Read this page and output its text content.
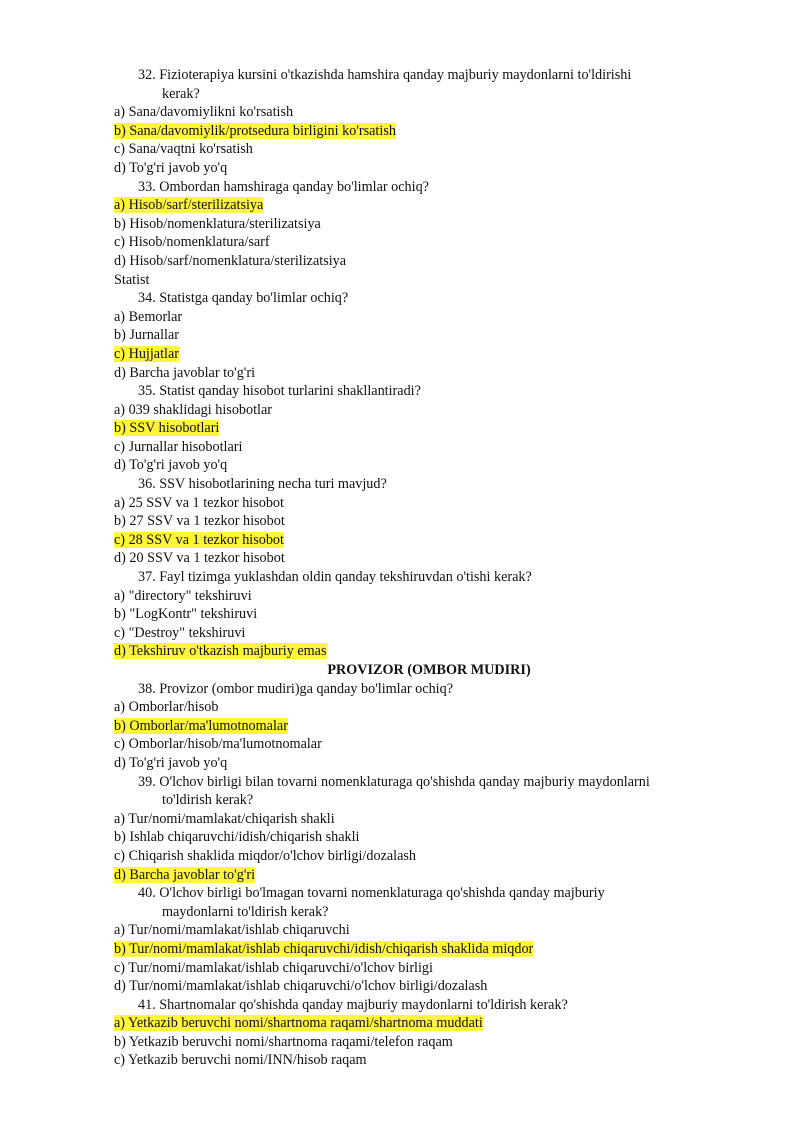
32. Fizioterapiya kursini o'tkazishda hamshira qanday majburiy maydonlarni to'ldirishi
kerak?
a) Sana/davomiylikni ko'rsatish
b) Sana/davomiylik/protsedura birligini ko'rsatish
c) Sana/vaqtni ko'rsatish
d) To'g'ri javob yo'q
33. Ombordan hamshiraga qanday bo'limlar ochiq?
a) Hisob/sarf/sterilizatsiya
b) Hisob/nomenklatura/sterilizatsiya
c) Hisob/nomenklatura/sarf
d) Hisob/sarf/nomenklatura/sterilizatsiya
Statist
34. Statistga qanday bo'limlar ochiq?
a) Bemorlar
b) Jurnallar
c) Hujjatlar
d) Barcha javoblar to'g'ri
35. Statist qanday hisobot turlarini shakllantiradi?
a) 039 shaklidagi hisobotlar
b) SSV hisobotlari
c) Jurnallar hisobotlari
d) To'g'ri javob yo'q
36. SSV hisobotlarining necha turi mavjud?
a) 25 SSV va 1 tezkor hisobot
b) 27 SSV va 1 tezkor hisobot
c) 28 SSV va 1 tezkor hisobot
d) 20 SSV va 1 tezkor hisobot
37. Fayl tizimga yuklashdan oldin qanday tekshiruvdan o'tishi kerak?
a) "directory" tekshiruvi
b) "LogKontr" tekshiruvi
c) "Destroy" tekshiruvi
d) Tekshiruv o'tkazish majburiy emas
PROVIZOR (OMBOR MUDIRI)
38. Provizor (ombor mudiri)ga qanday bo'limlar ochiq?
a) Omborlar/hisob
b) Omborlar/ma'lumotnomalar
c) Omborlar/hisob/ma'lumotnomalar
d) To'g'ri javob yo'q
39. O'lchov birligi bilan tovarni nomenklaturaga qo'shishda qanday majburiy maydonlarni
to'ldirish kerak?
a) Tur/nomi/mamlakat/chiqarish shakli
b) Ishlab chiqaruvchi/idish/chiqarish shakli
c) Chiqarish shaklida miqdor/o'lchov birligi/dozalash
d) Barcha javoblar to'g'ri
40. O'lchov birligi bo'lmagan tovarni nomenklaturaga qo'shishda qanday majburiy
maydonlarni to'ldirish kerak?
a) Tur/nomi/mamlakat/ishlab chiqaruvchi
b) Tur/nomi/mamlakat/ishlab chiqaruvchi/idish/chiqarish shaklida miqdor
c) Tur/nomi/mamlakat/ishlab chiqaruvchi/o'lchov birligi
d) Tur/nomi/mamlakat/ishlab chiqaruvchi/o'lchov birligi/dozalash
41. Shartnomalar qo'shishda qanday majburiy maydonlarni to'ldirish kerak?
a) Yetkazib beruvchi nomi/shartnoma raqami/shartnoma muddati
b) Yetkazib beruvchi nomi/shartnoma raqami/telefon raqam
c) Yetkazib beruvchi nomi/INN/hisob raqam
